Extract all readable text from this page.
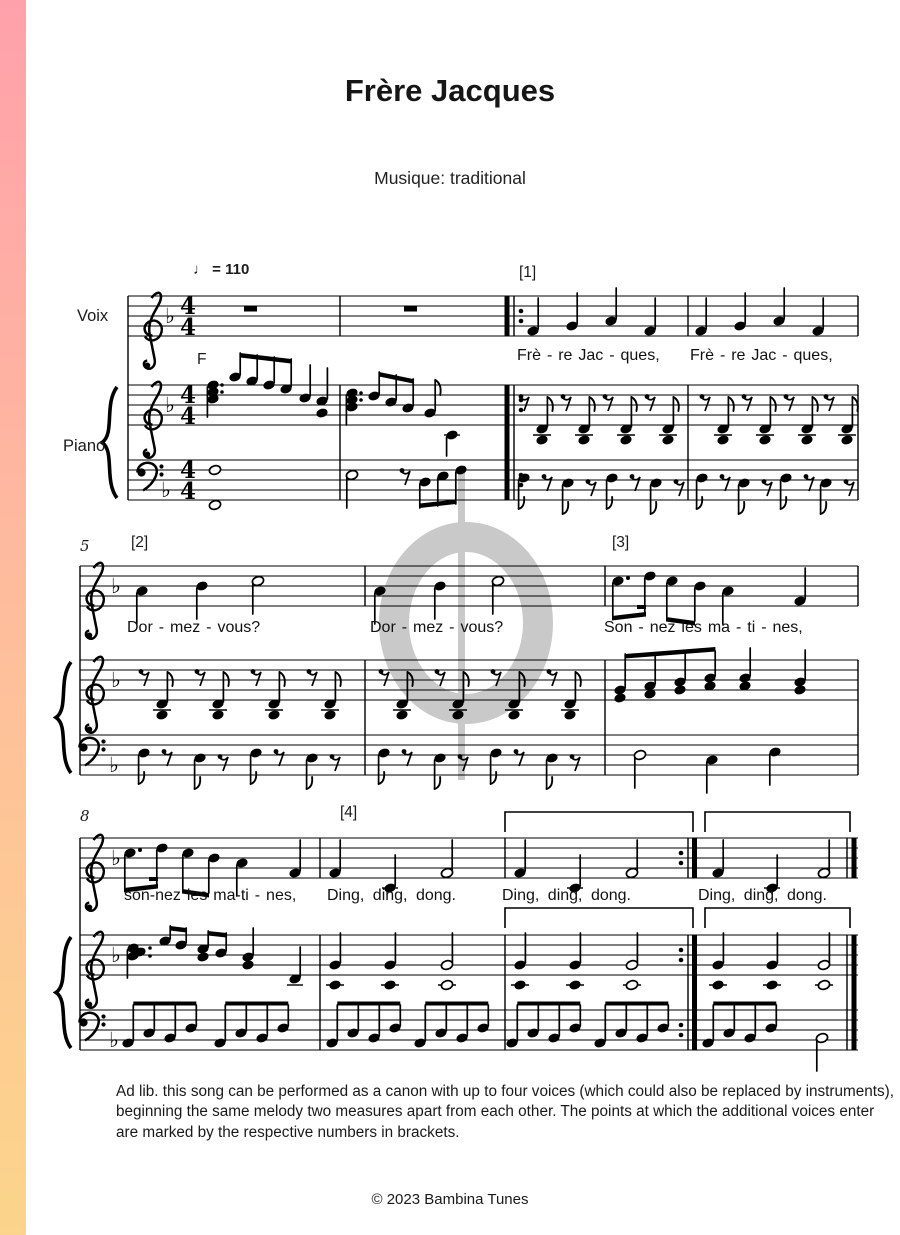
♭ 4
4
♭ 4
4
♭
4
4
♭
♭
♭
♭
♭
♭
Frère Jacques
Musique: traditional
♩ = 110
Voix
Piano
F
[1]
[2]	[3]
[4]
5
8
Frè - re Jac - ques, Frè - re Jac - ques,
Dor - mez - vous?	Dor - mez - vous?	Son - nez les ma - ti - nes,
son-nez les ma-ti - nes, Ding, ding, dong.	Ding, ding, dong.	Ding, ding, dong.
Ad lib. this song can be performed as a canon with up to four voices (which could also be replaced by instruments),
beginning the same melody two measures apart from each other. The points at which the additional voices enter
are marked by the respective numbers in brackets.
© 2023 Bambina Tunes
